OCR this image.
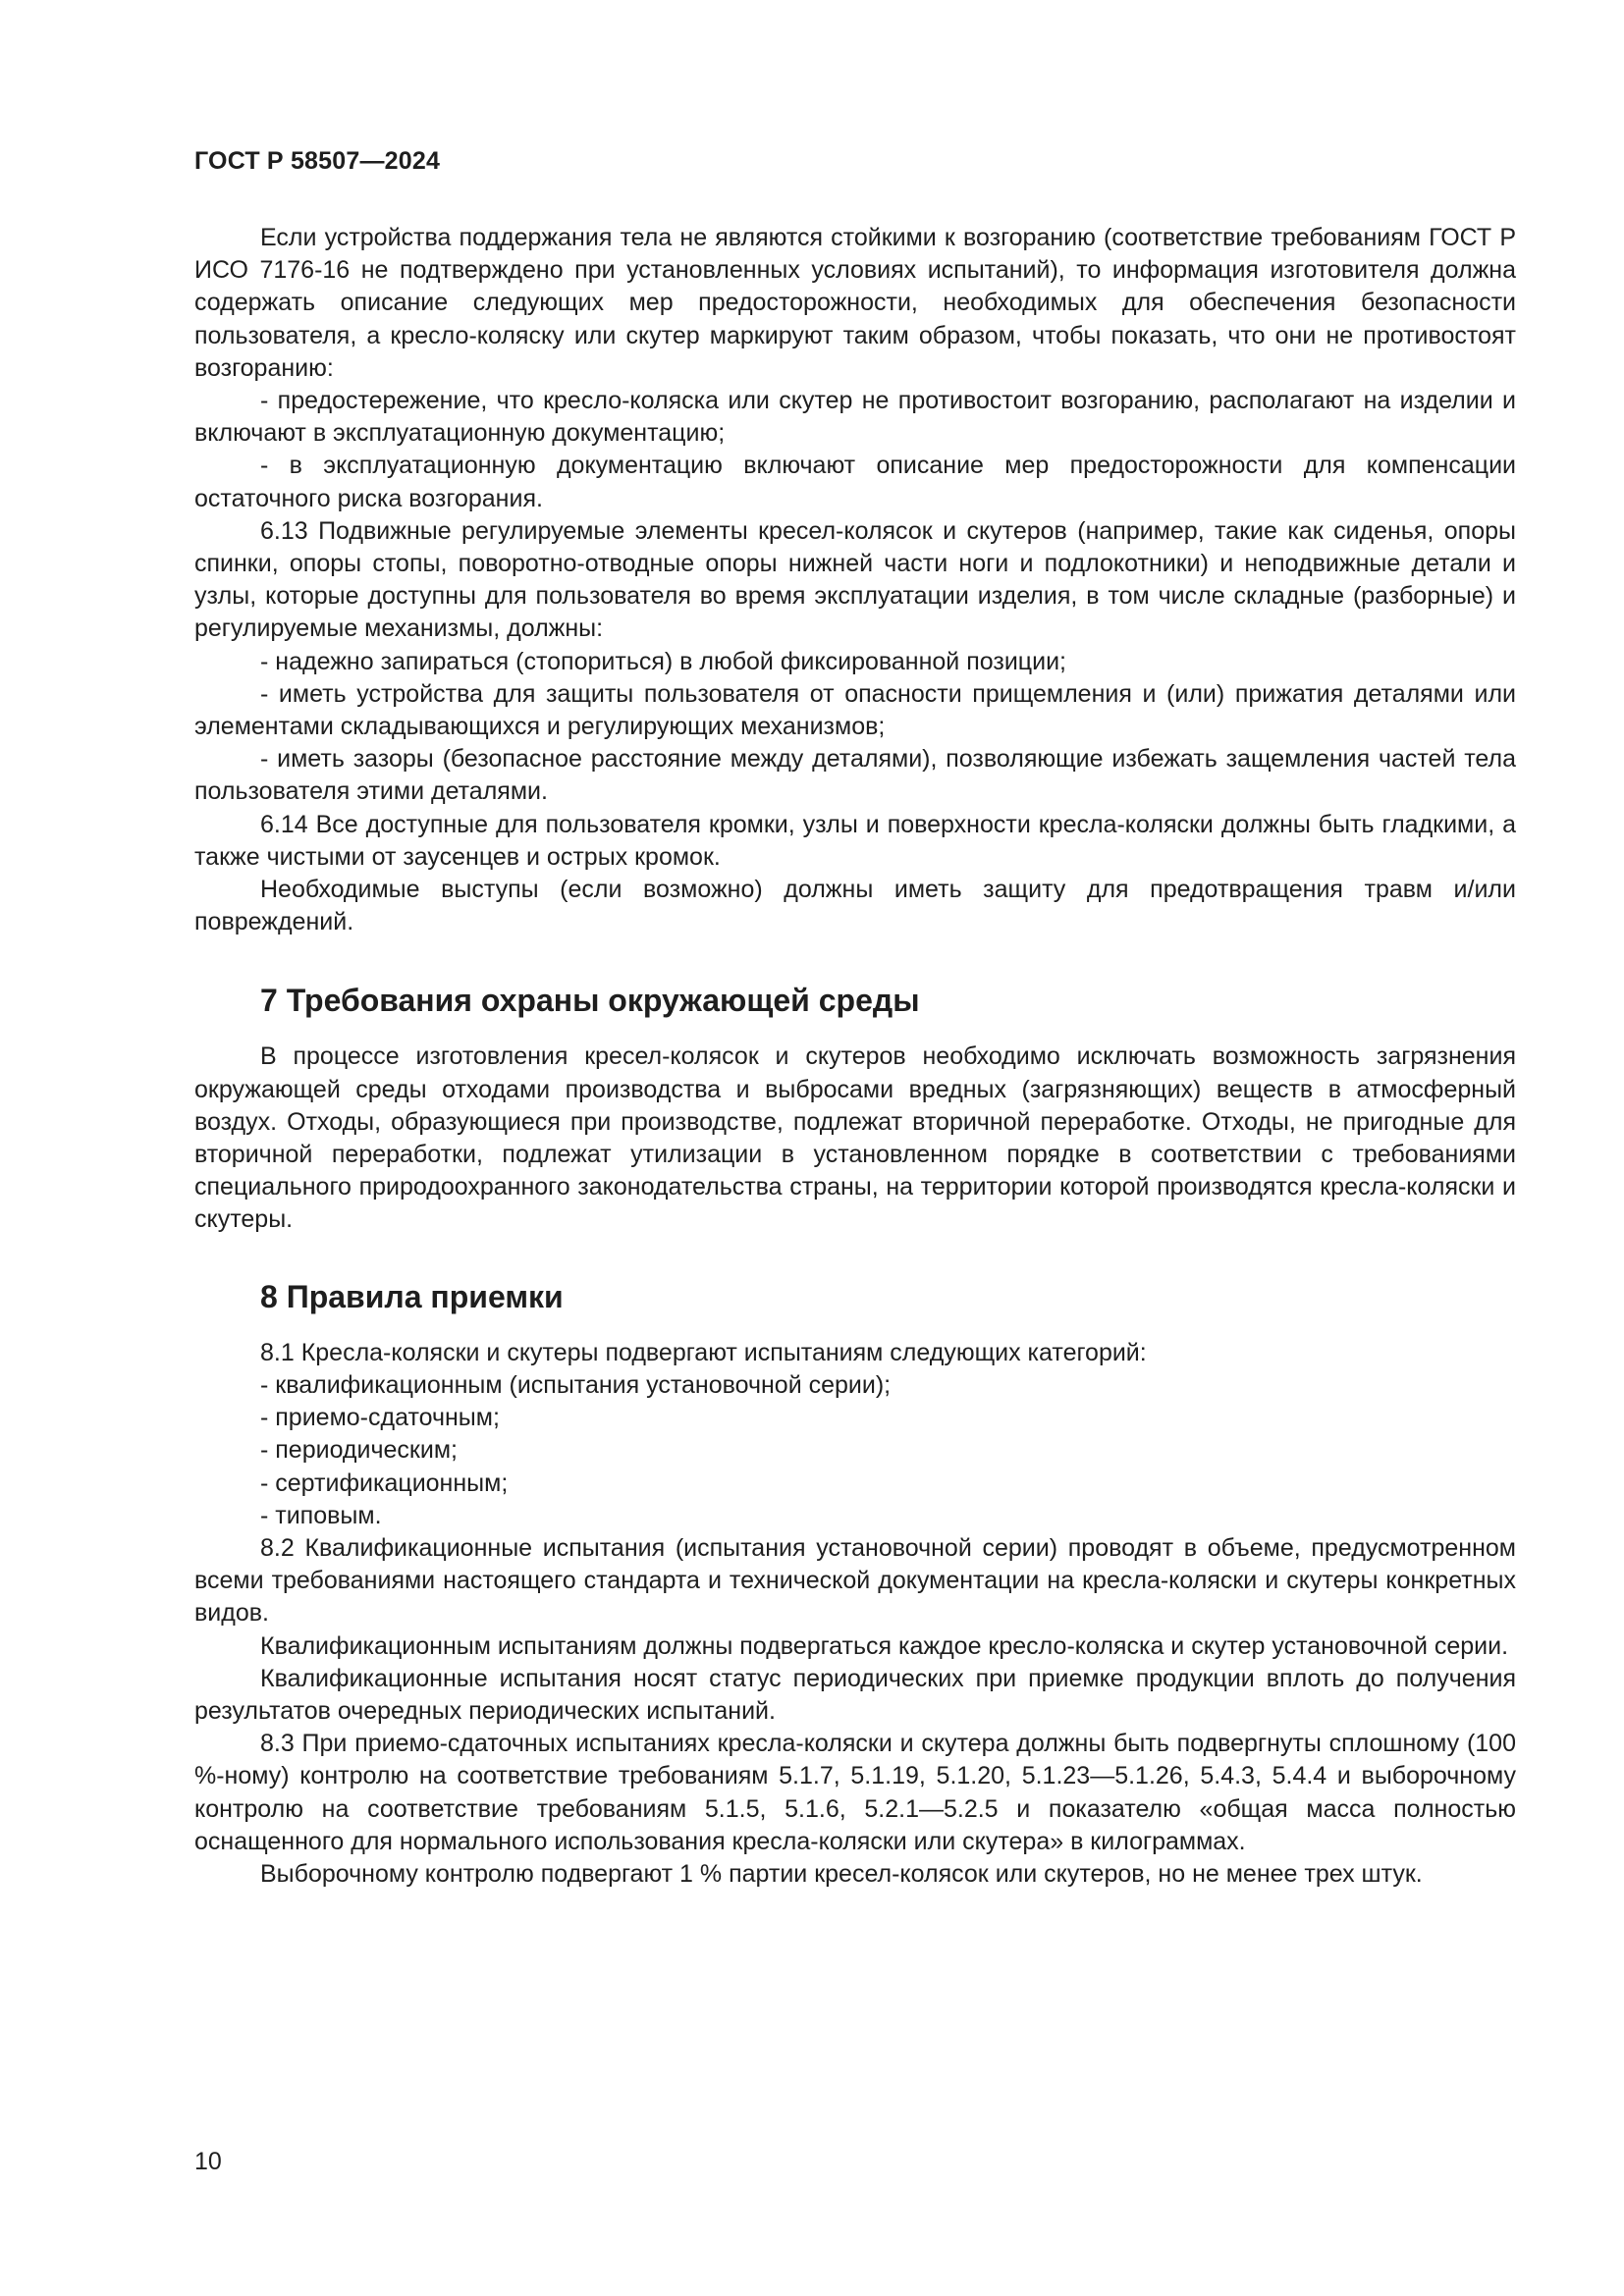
ГОСТ Р 58507—2024

Если устройства поддержания тела не являются стойкими к возгоранию (соответствие требованиям ГОСТ Р ИСО 7176-16 не подтверждено при установленных условиях испытаний), то информация изготовителя должна содержать описание следующих мер предосторожности, необходимых для обеспечения безопасности пользователя, а кресло-коляску или скутер маркируют таким образом, чтобы показать, что они не противостоят возгоранию:

- предостережение, что кресло-коляска или скутер не противостоит возгоранию, располагают на изделии и включают в эксплуатационную документацию;

- в эксплуатационную документацию включают описание мер предосторожности для компенсации остаточного риска возгорания.

6.13 Подвижные регулируемые элементы кресел-колясок и скутеров (например, такие как сиденья, опоры спинки, опоры стопы, поворотно-отводные опоры нижней части ноги и подлокотники) и неподвижные детали и узлы, которые доступны для пользователя во время эксплуатации изделия, в том числе складные (разборные) и регулируемые механизмы, должны:

- надежно запираться (стопориться) в любой фиксированной позиции;

- иметь устройства для защиты пользователя от опасности прищемления и (или) прижатия деталями или элементами складывающихся и регулирующих механизмов;

- иметь зазоры (безопасное расстояние между деталями), позволяющие избежать защемления частей тела пользователя этими деталями.

6.14 Все доступные для пользователя кромки, узлы и поверхности кресла-коляски должны быть гладкими, а также чистыми от заусенцев и острых кромок.

Необходимые выступы (если возможно) должны иметь защиту для предотвращения травм и/или повреждений.

7 Требования охраны окружающей среды

В процессе изготовления кресел-колясок и скутеров необходимо исключать возможность загрязнения окружающей среды отходами производства и выбросами вредных (загрязняющих) веществ в атмосферный воздух. Отходы, образующиеся при производстве, подлежат вторичной переработке. Отходы, не пригодные для вторичной переработки, подлежат утилизации в установленном порядке в соответствии с требованиями специального природоохранного законодательства страны, на территории которой производятся кресла-коляски и скутеры.

8 Правила приемки

8.1 Кресла-коляски и скутеры подвергают испытаниям следующих категорий:

- квалификационным (испытания установочной серии);

- приемо-сдаточным;

- периодическим;

- сертификационным;

- типовым.

8.2 Квалификационные испытания (испытания установочной серии) проводят в объеме, предусмотренном всеми требованиями настоящего стандарта и технической документации на кресла-коляски и скутеры конкретных видов.

Квалификационным испытаниям должны подвергаться каждое кресло-коляска и скутер установочной серии.

Квалификационные испытания носят статус периодических при приемке продукции вплоть до получения результатов очередных периодических испытаний.

8.3 При приемо-сдаточных испытаниях кресла-коляски и скутера должны быть подвергнуты сплошному (100 %-ному) контролю на соответствие требованиям 5.1.7, 5.1.19, 5.1.20, 5.1.23—5.1.26, 5.4.3, 5.4.4 и выборочному контролю на соответствие требованиям 5.1.5, 5.1.6, 5.2.1—5.2.5 и показателю «общая масса полностью оснащенного для нормального использования кресла-коляски или скутера» в килограммах.

Выборочному контролю подвергают 1 % партии кресел-колясок или скутеров, но не менее трех штук.

10
